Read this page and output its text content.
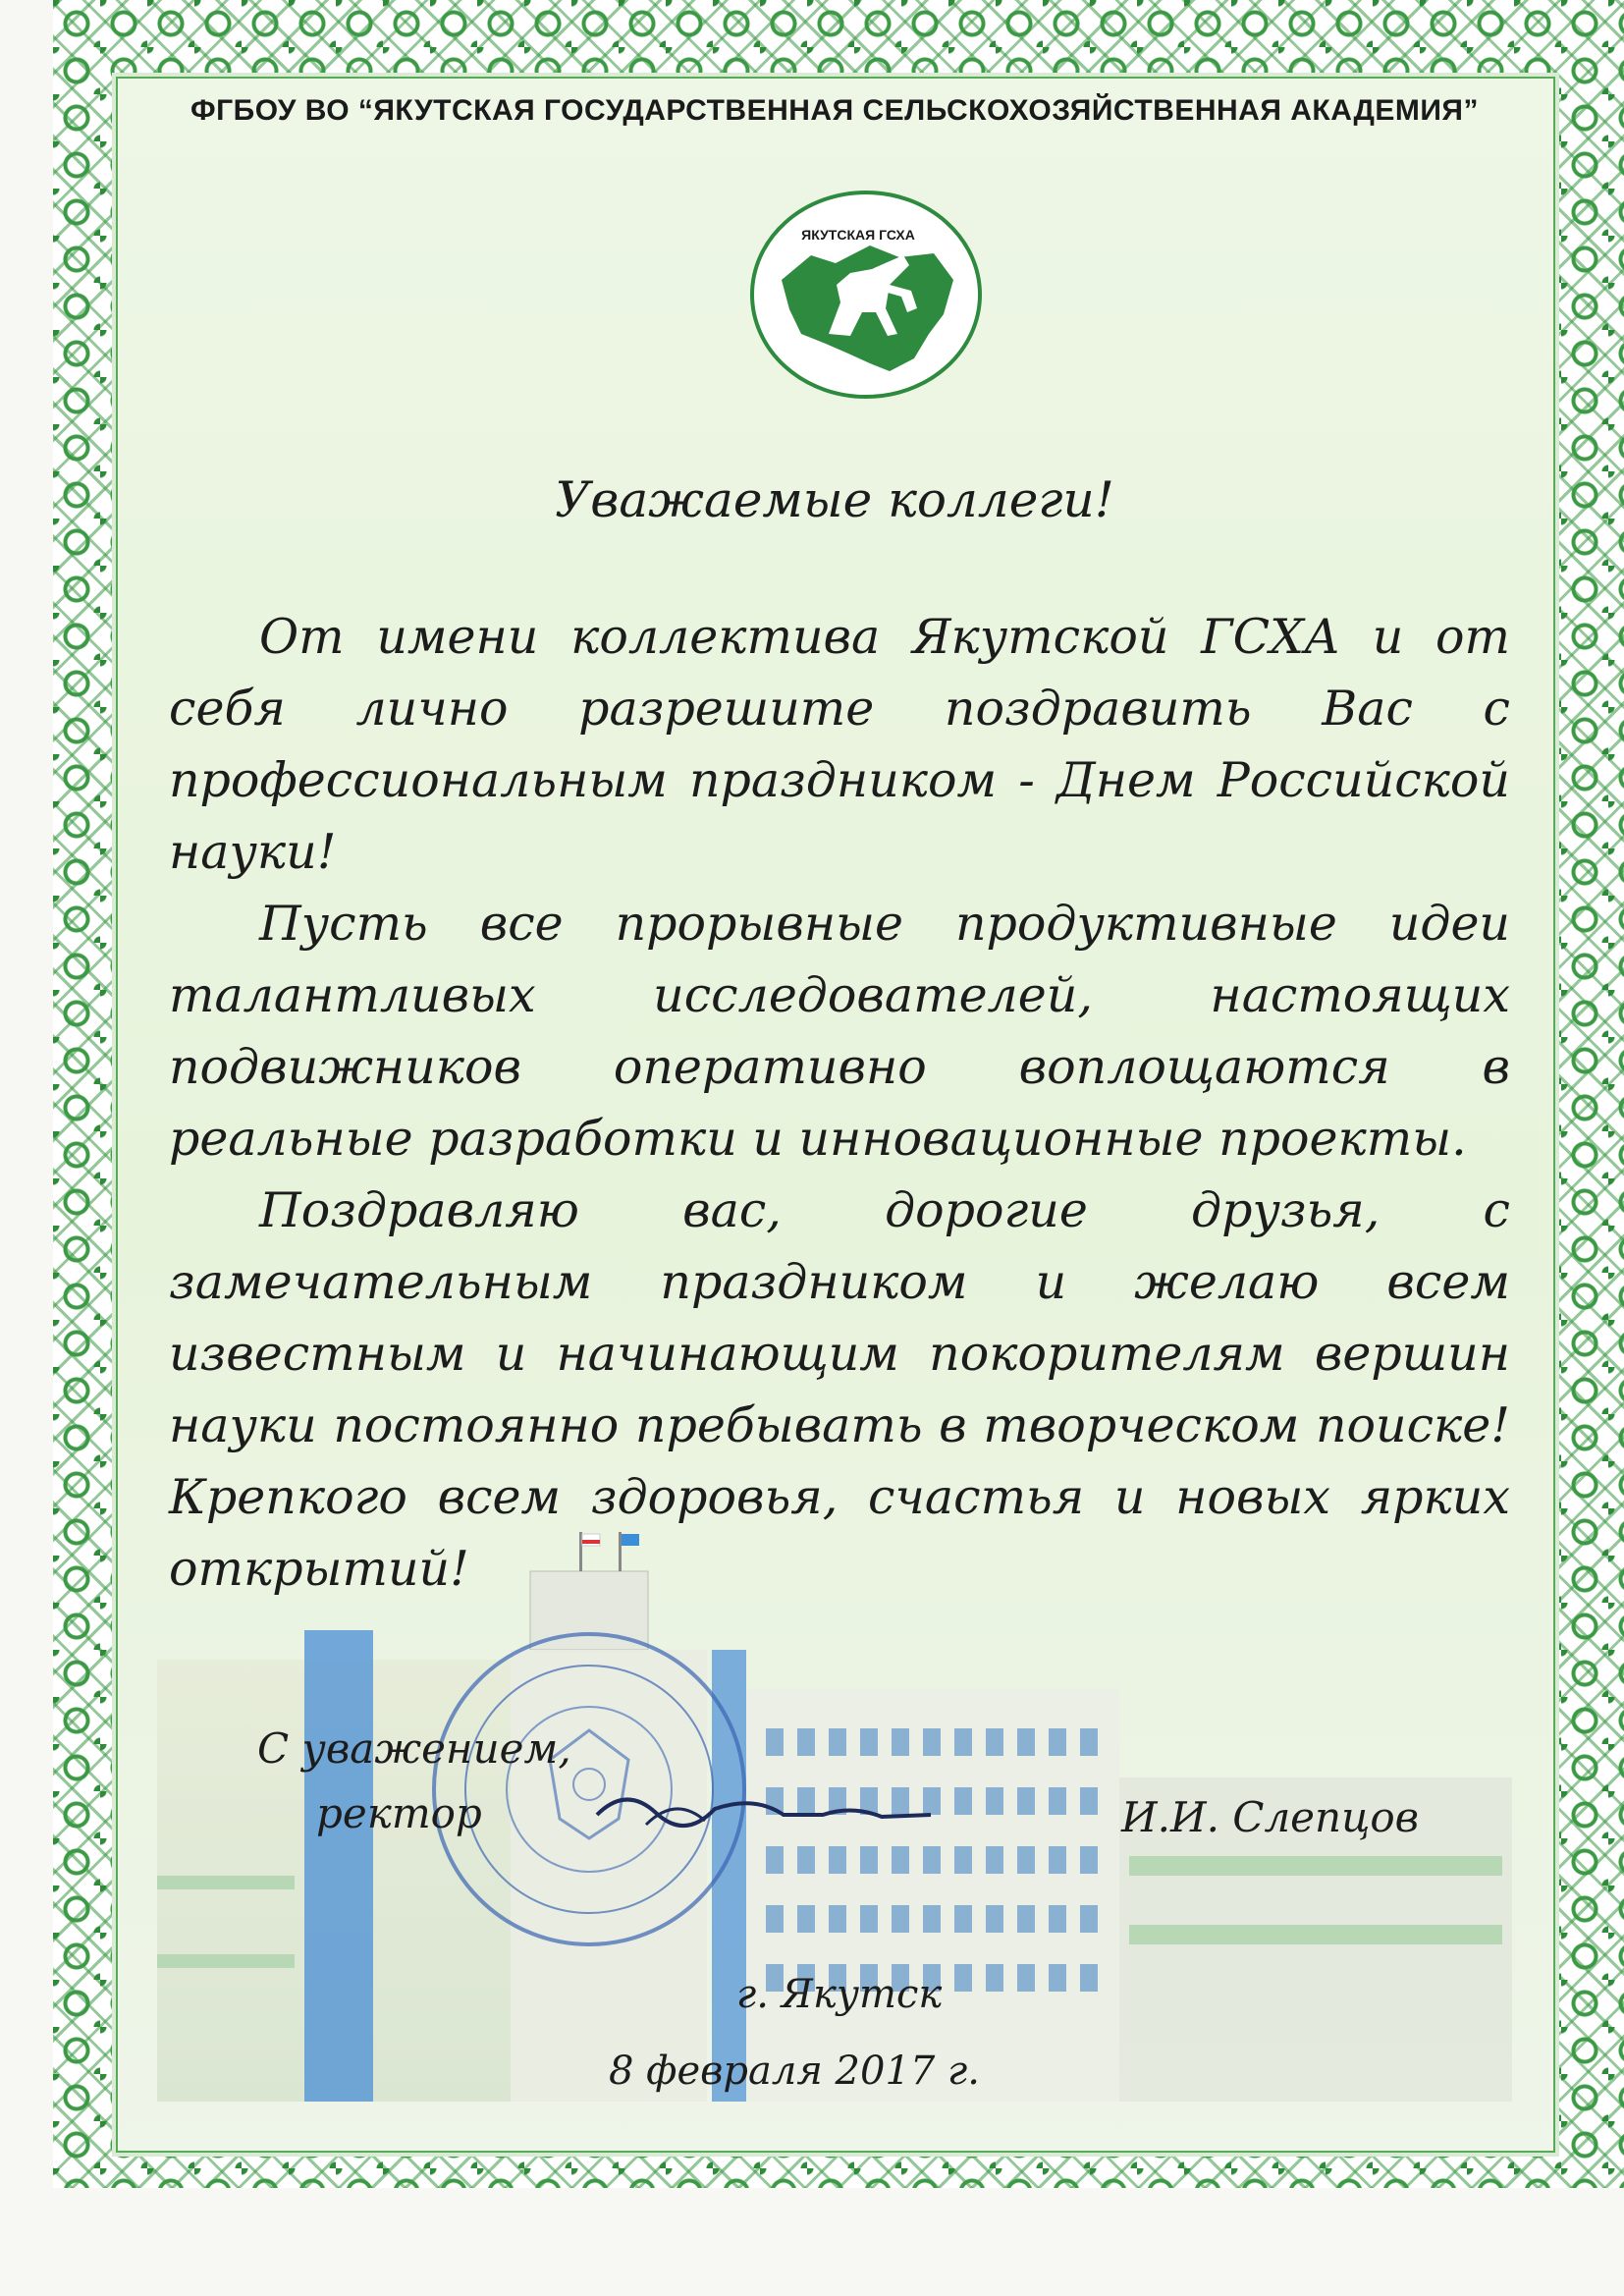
ФГБОУ ВО “ЯКУТСКАЯ ГОСУДАРСТВЕННАЯ СЕЛЬСКОХОЗЯЙСТВЕННАЯ АКАДЕМИЯ”
ЯКУТСКАЯ ГСХА
Уважаемые коллеги!

От имени коллектива Якутской ГСХА и от себя лично разрешите поздравить Вас с профессиональным праздником - Днем Российской науки!

Пусть все прорывные продуктивные идеи талантливых исследователей, настоящих подвижников оперативно воплощаются в реальные разработки и инновационные проекты.

Поздравляю вас, дорогие друзья, с замечательным праздником и желаю всем известным и начинающим покорителям вершин науки постоянно пребывать в творческом поиске! Крепкого всем здоровья, счастья и новых ярких открытий!

С уважением,
ректор	И.И. Слепцов
г. Якутск
8 февраля 2017 г.
